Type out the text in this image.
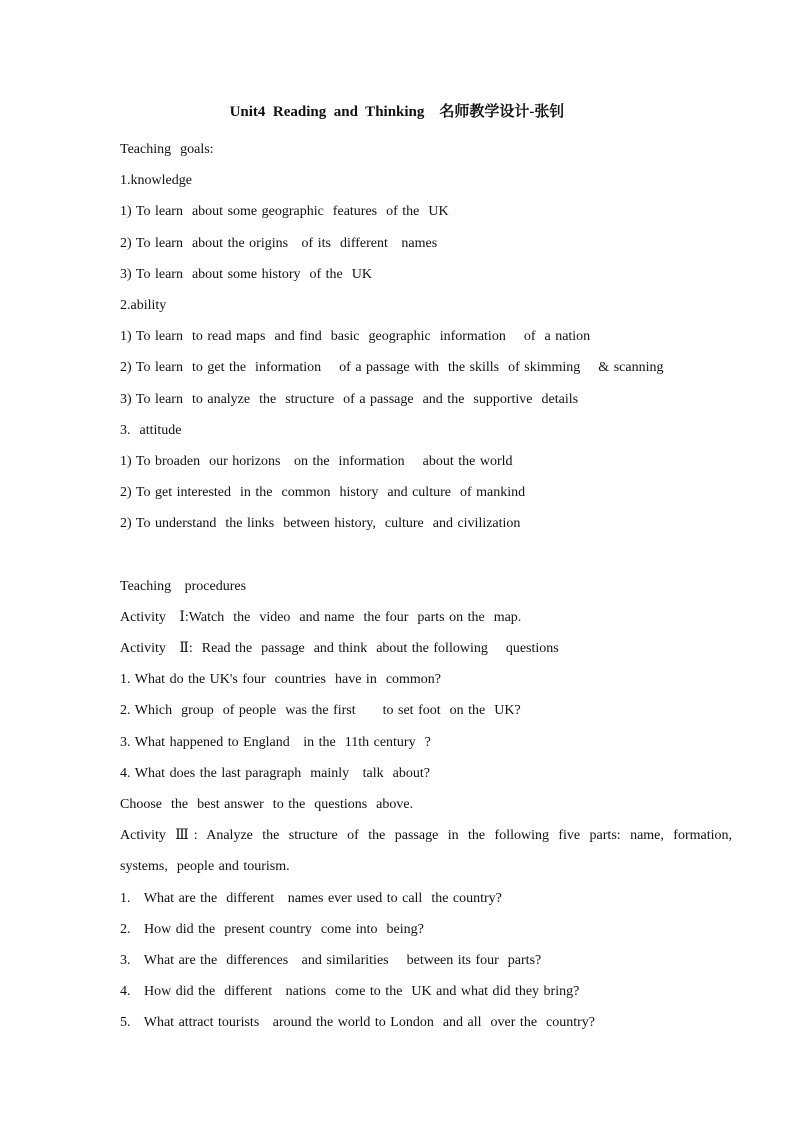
Unit4  Reading  and  Thinking    名师教学设计-张钊
Teaching  goals:
1.knowledge
1) To learn  about some geographic  features  of the  UK
2) To learn  about the origins   of its  different   names
3) To learn  about some history  of the  UK
2.ability
1) To learn  to read maps  and find  basic  geographic  information    of  a nation
2) To learn  to get the  information    of a passage with  the skills  of skimming    & scanning
3) To learn  to analyze  the  structure  of a passage  and the  supportive  details
3.  attitude
1) To broaden  our horizons   on the  information    about the world
2) To get interested  in the  common  history  and culture  of mankind
2) To understand  the links  between history,  culture  and civilization
Teaching   procedures
Activity   Ⅰ:Watch  the  video  and name  the four  parts on the  map.
Activity   Ⅱ:  Read the  passage  and think  about the following    questions
1. What do the UK's four  countries  have in  common?
2. Which  group  of people  was the first      to set foot  on the  UK?
3. What happened to England   in the  11th century  ?
4. What does the last paragraph  mainly   talk  about?
Choose  the  best answer  to the  questions  above.
Activity Ⅲ: Analyze the structure of the passage in the following five parts: name, formation,
systems,  people and tourism.
1.   What are the  different   names ever used to call  the country?
2.   How did the  present country  come into  being?
3.   What are the  differences   and similarities    between its four  parts?
4.   How did the  different   nations  come to the  UK and what did they bring?
5.   What attract tourists   around the world to London  and all  over the  country?
